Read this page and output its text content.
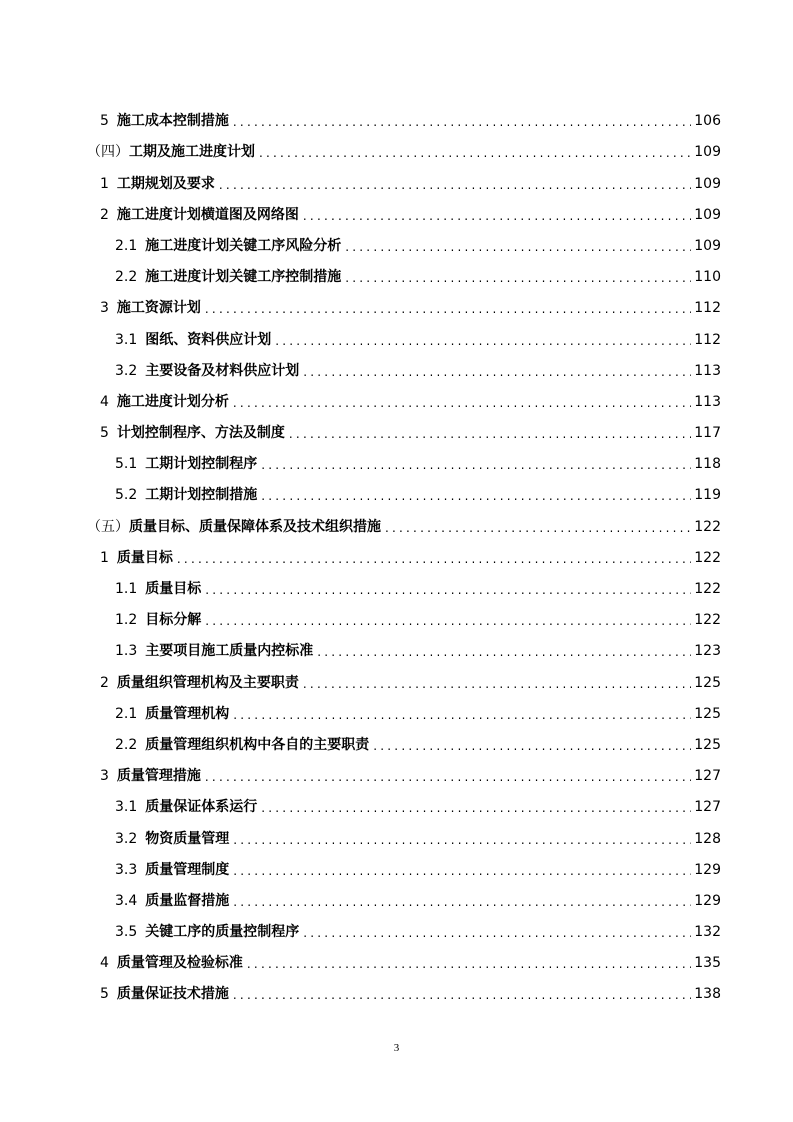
5 施工成本控制措施 .....	106
（四） 工期及施工进度计划 .....	109
1 工期规划及要求 .....	109
2 施工进度计划横道图及网络图 .....	109
2.1 施工进度计划关键工序风险分析 .....	109
2.2 施工进度计划关键工序控制措施 .....	110
3 施工资源计划 .....	112
3.1 图纸、资料供应计划 .....	112
3.2 主要设备及材料供应计划 .....	113
4 施工进度计划分析 .....	113
5 计划控制程序、方法及制度 .....	117
5.1 工期计划控制程序 .....	118
5.2 工期计划控制措施 .....	119
（五） 质量目标、质量保障体系及技术组织措施 .....	122
1 质量目标 .....	122
1.1 质量目标 .....	122
1.2 目标分解 .....	122
1.3 主要项目施工质量内控标准 .....	123
2 质量组织管理机构及主要职责 .....	125
2.1 质量管理机构 .....	125
2.2 质量管理组织机构中各自的主要职责 .....	125
3 质量管理措施 .....	127
3.1 质量保证体系运行 .....	127
3.2 物资质量管理 .....	128
3.3 质量管理制度 .....	129
3.4 质量监督措施 .....	129
3.5 关键工序的质量控制程序 .....	132
4 质量管理及检验标准 .....	135
5 质量保证技术措施 .....	138
3
